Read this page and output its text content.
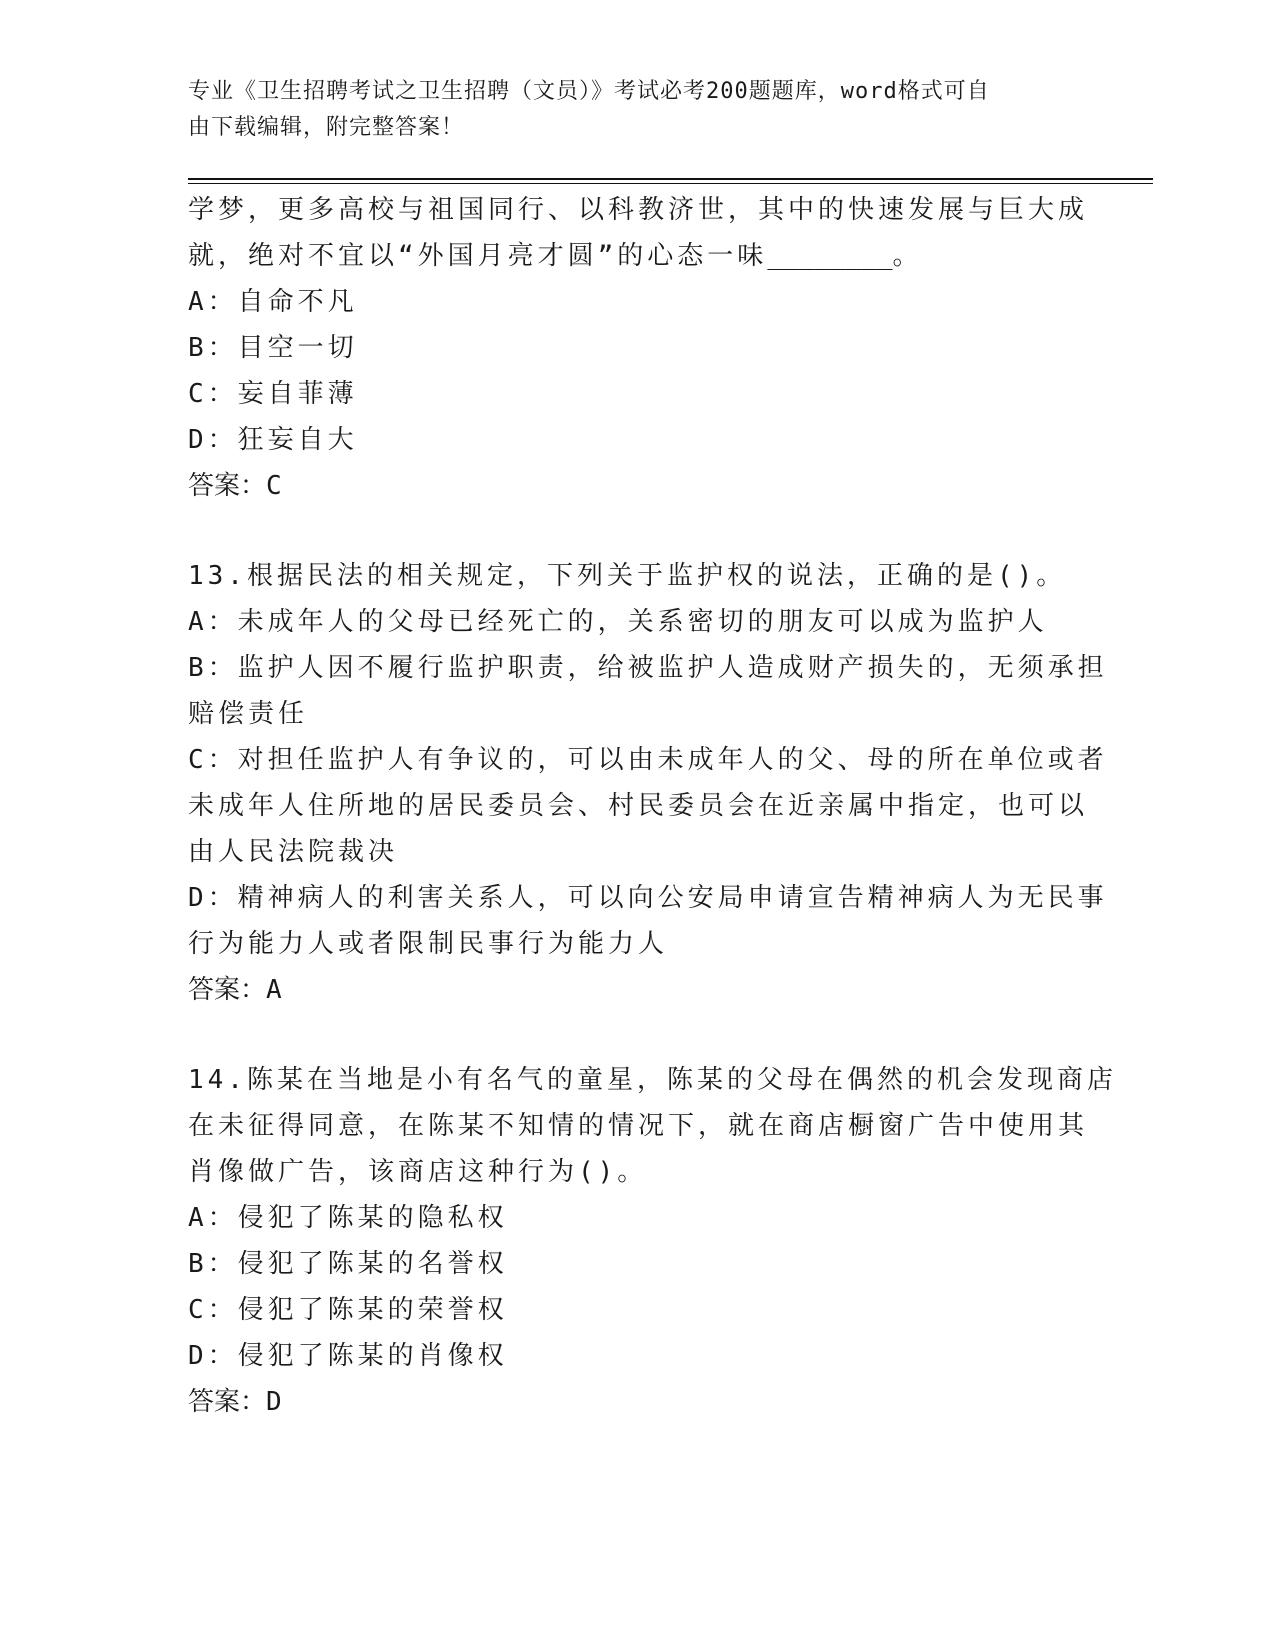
专业《卫生招聘考试之卫生招聘（文员）》考试必考200题题库，word格式可自
由下载编辑，附完整答案！
学梦，更多高校与祖国同行、以科教济世，其中的快速发展与巨大成
就，绝对不宜以“外国月亮才圆”的心态一味________。
A：自命不凡
B：目空一切
C：妄自菲薄
D：狂妄自大
答案：C
13.根据民法的相关规定，下列关于监护权的说法，正确的是()。
A：未成年人的父母已经死亡的，关系密切的朋友可以成为监护人
B：监护人因不履行监护职责，给被监护人造成财产损失的，无须承担
赔偿责任
C：对担任监护人有争议的，可以由未成年人的父、母的所在单位或者
未成年人住所地的居民委员会、村民委员会在近亲属中指定，也可以
由人民法院裁决
D：精神病人的利害关系人，可以向公安局申请宣告精神病人为无民事
行为能力人或者限制民事行为能力人
答案：A
14.陈某在当地是小有名气的童星，陈某的父母在偶然的机会发现商店
在未征得同意，在陈某不知情的情况下，就在商店橱窗广告中使用其
肖像做广告，该商店这种行为()。
A：侵犯了陈某的隐私权
B：侵犯了陈某的名誉权
C：侵犯了陈某的荣誉权
D：侵犯了陈某的肖像权
答案：D
